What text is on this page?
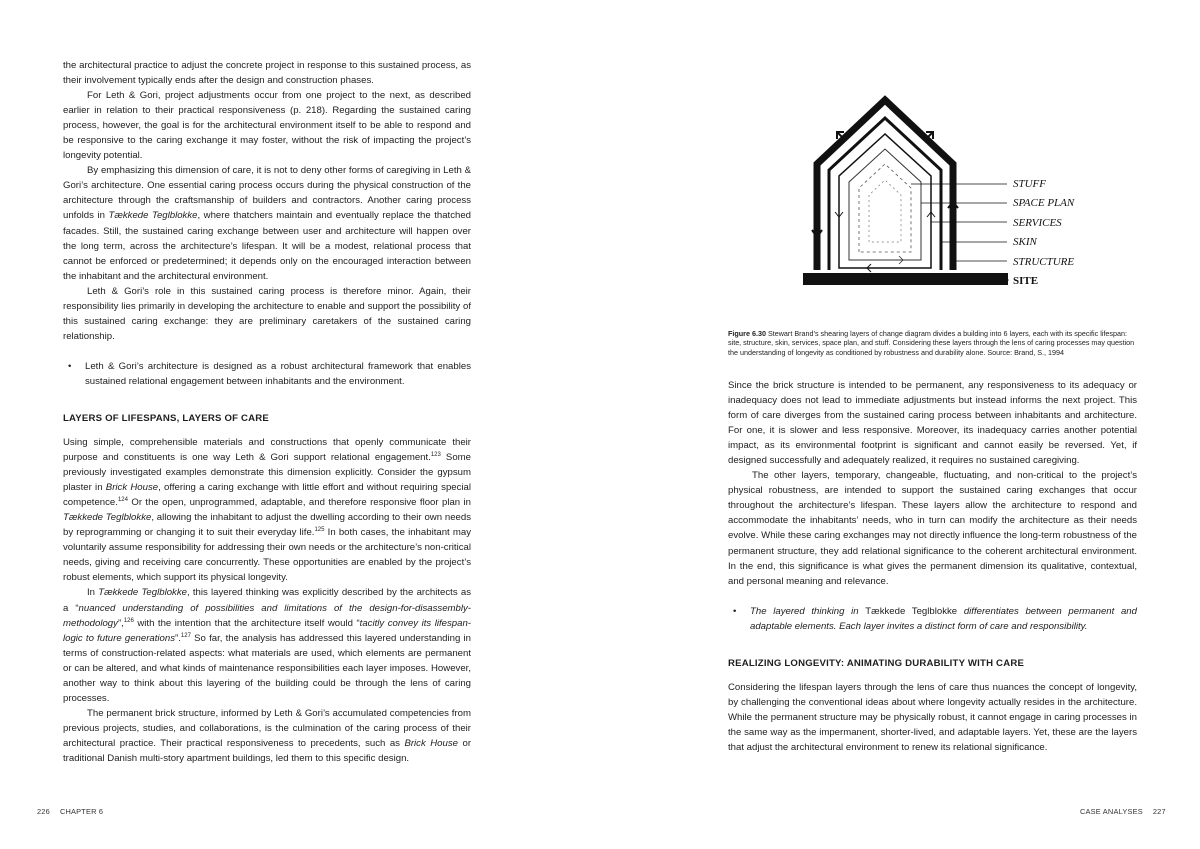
the architectural practice to adjust the concrete project in response to this sustained process, as their involvement typically ends after the design and construction phases.

For Leth & Gori, project adjustments occur from one project to the next, as described earlier in relation to their practical responsiveness (p. 218). Regarding the sustained caring process, however, the goal is for the architectural environment itself to be able to respond and be responsive to the caring exchange it may foster, without the risk of impacting the project’s longevity potential.

By emphasizing this dimension of care, it is not to deny other forms of caregiving in Leth & Gori’s architecture. One essential caring process occurs during the physical construction of the architecture through the craftsmanship of builders and contractors. Another caring process unfolds in Tækkede Teglblokke, where thatchers maintain and eventually replace the thatched facades. Still, the sustained caring exchange between user and architecture will happen over the long term, across the architecture’s lifespan. It will be a modest, relational process that cannot be enforced or predetermined; it depends only on the encouraged interaction between the inhabitant and the architectural environment.

Leth & Gori’s role in this sustained caring process is therefore minor. Again, their responsibility lies primarily in developing the architecture to enable and support the possibility of this sustained caring exchange: they are preliminary caretakers of the sustained caring relationship.

• Leth & Gori’s architecture is designed as a robust architectural framework that enables sustained relational engagement between inhabitants and the environment.

LAYERS OF LIFESPANS, LAYERS OF CARE

Using simple, comprehensible materials and constructions that openly communicate their purpose and constituents is one way Leth & Gori support relational engagement.$^{123}$ Some previously investigated examples demonstrate this dimension explicitly. Consider the gypsum plaster in Brick House, offering a caring exchange with little effort and without requiring special competence.$^{124}$ Or the open, unprogrammed, adaptable, and therefore responsive floor plan in Tækkede Teglblokke, allowing the inhabitant to adjust the dwelling according to their own needs by reprogramming or changing it to suit their everyday life.$^{125}$ In both cases, the inhabitant may voluntarily assume responsibility for addressing their own needs or the architecture’s non-critical needs, giving and receiving care concurrently. These opportunities are enabled by the project’s robust elements, which support its physical longevity.

In Tækkede Teglblokke, this layered thinking was explicitly described by the architects as a “nuanced understanding of possibilities and limitations of the design-for-disassembly-methodology”,$^{126}$ with the intention that the architecture itself would “tacitly convey its lifespan-logic to future generations”.$^{127}$ So far, the analysis has addressed this layered understanding in terms of construction-related aspects: what materials are used, which elements are permanent or can be altered, and what kinds of maintenance responsibilities each layer imposes. However, another way to think about this layering of the building could be through the lens of caring processes.

The permanent brick structure, informed by Leth & Gori’s accumulated competencies from previous projects, studies, and collaborations, is the culmination of the caring process of their architectural practice. Their practical responsiveness to precedents, such as Brick House or traditional Danish multi-story apartment buildings, led them to this specific design.

226 CHAPTER 6
STUFF
SPACE PLAN
SERVICES
SKIN
STRUCTURE
SITE
Figure 6.30 Stewart Brand’s shearing layers of change diagram divides a building into 6 layers, each with its specific lifespan: site, structure, skin, services, space plan, and stuff. Considering these layers through the lens of caring processes may question the understanding of longevity as conditioned by robustness and durability alone. Source: Brand, S., 1994

Since the brick structure is intended to be permanent, any responsiveness to its adequacy or inadequacy does not lead to immediate adjustments but instead informs the next project. This form of care diverges from the sustained caring process between inhabitants and architecture. For one, it is slower and less responsive. Moreover, its inadequacy carries another potential impact, as its environmental footprint is significant and cannot easily be reversed. Yet, if designed successfully and adequately realized, it requires no sustained caregiving.

The other layers, temporary, changeable, fluctuating, and non-critical to the project’s physical robustness, are intended to support the sustained caring exchanges that occur throughout the architecture’s lifespan. These layers allow the architecture to respond and accommodate the inhabitants’ needs, who in turn can modify the architecture as their needs evolve. While these caring exchanges may not directly influence the long-term robustness of the permanent structure, they add relational significance to the coherent architectural environment. In the end, this significance is what gives the permanent dimension its qualitative, contextual, and personal meaning and relevance.

• The layered thinking in Tækkede Teglblokke differentiates between permanent and adaptable elements. Each layer invites a distinct form of care and responsibility.

REALIZING LONGEVITY: ANIMATING DURABILITY WITH CARE

Considering the lifespan layers through the lens of care thus nuances the concept of longevity, by challenging the conventional ideas about where longevity actually resides in the architecture. While the permanent structure may be physically robust, it cannot engage in caring processes in the same way as the impermanent, shorter-lived, and adaptable layers. Yet, these are the layers that adjust the architectural environment to renew its relational significance.

CASE ANALYSES 227
